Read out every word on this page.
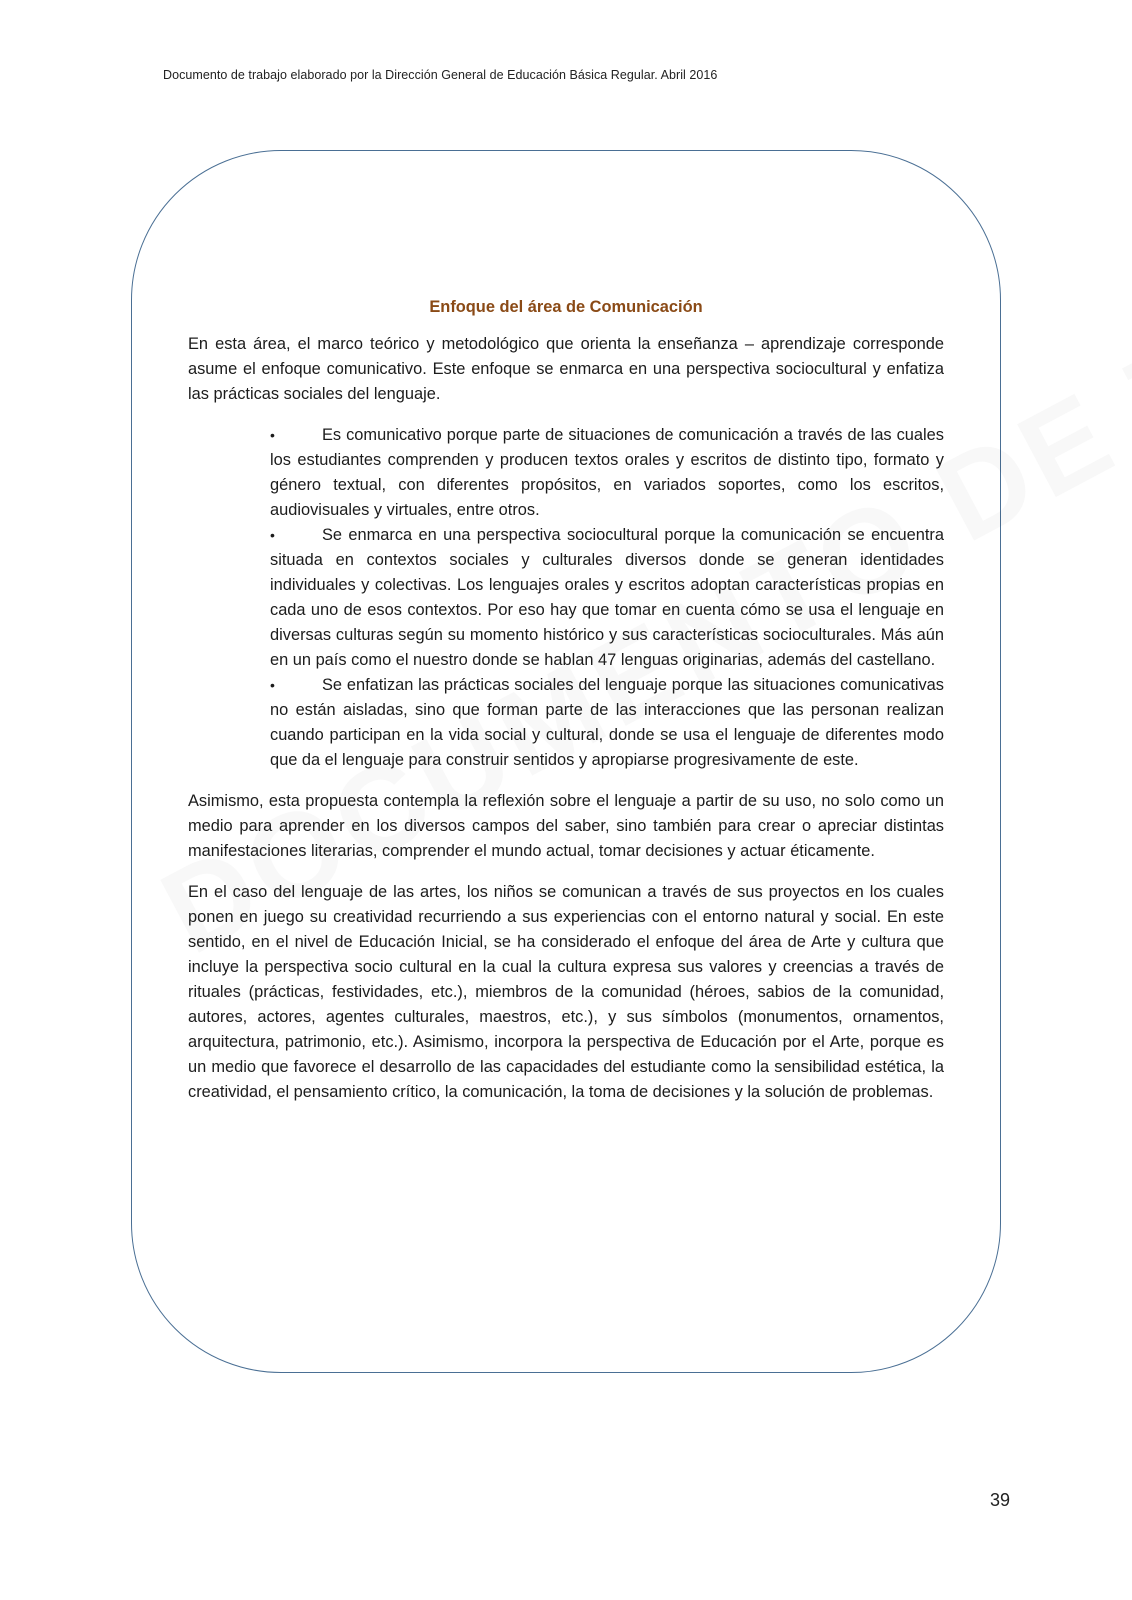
Documento de trabajo elaborado por la Dirección General de Educación Básica Regular. Abril 2016
Enfoque del área de Comunicación

En esta área, el marco teórico y metodológico que orienta la enseñanza – aprendizaje corresponde asume el enfoque comunicativo. Este enfoque se enmarca en una perspectiva sociocultural y enfatiza las prácticas sociales del lenguaje.

•	Es comunicativo porque parte de situaciones de comunicación a través de las cuales los estudiantes comprenden y producen textos orales y escritos de distinto tipo, formato y género textual, con diferentes propósitos, en variados soportes, como los escritos, audiovisuales y virtuales, entre otros.
•	Se enmarca en una perspectiva sociocultural porque la comunicación se encuentra situada en contextos sociales y culturales diversos donde se generan identidades individuales y colectivas. Los lenguajes orales y escritos adoptan características propias en cada uno de esos contextos. Por eso hay que tomar en cuenta cómo se usa el lenguaje en diversas culturas según su momento histórico y sus características socioculturales. Más aún en un país como el nuestro donde se hablan 47 lenguas originarias, además del castellano.
•	Se enfatizan las prácticas sociales del lenguaje porque las situaciones comunicativas no están aisladas, sino que forman parte de las interacciones que las personan realizan cuando participan en la vida social y cultural, donde se usa el lenguaje de diferentes modo que da el lenguaje para construir sentidos y apropiarse progresivamente de este.

Asimismo, esta propuesta contempla la reflexión sobre el lenguaje a partir de su uso, no solo como un medio para aprender en los diversos campos del saber, sino también para crear o apreciar distintas manifestaciones literarias, comprender el mundo actual, tomar decisiones y actuar éticamente.

En el caso del lenguaje de las artes, los niños se comunican a través de sus proyectos en los cuales ponen en juego su creatividad recurriendo a sus experiencias con el entorno natural y social. En este sentido, en el nivel de Educación Inicial, se ha considerado el enfoque del área de Arte y cultura que incluye la perspectiva socio cultural en la cual la cultura expresa sus valores y creencias a través de rituales (prácticas, festividades, etc.), miembros de la comunidad (héroes, sabios de la comunidad, autores, actores, agentes culturales, maestros, etc.), y sus símbolos (monumentos, ornamentos, arquitectura, patrimonio, etc.). Asimismo, incorpora la perspectiva de Educación por el Arte, porque es un medio que favorece el desarrollo de las capacidades del estudiante como la sensibilidad estética, la creatividad, el pensamiento crítico, la comunicación, la toma de decisiones y la solución de problemas.

39
